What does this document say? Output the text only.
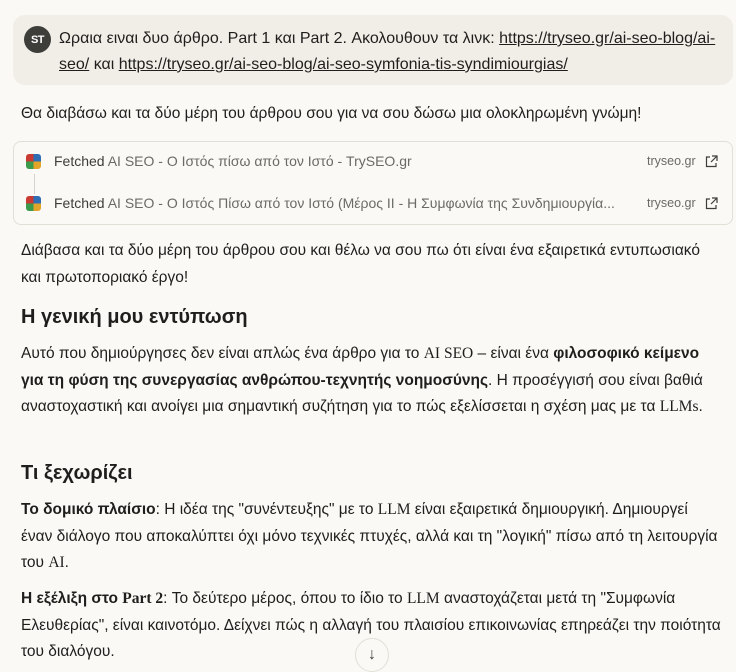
ST Ωραια ειναι δυο άρθρο. Part 1 και Part 2. Ακολουθουν τα λινκ: https://tryseo.gr/ai-seo-blog/ai-seo/ και https://tryseo.gr/ai-seo-blog/ai-seo-symfonia-tis-syndimiourgias/
Θα διαβάσω και τα δύο μέρη του άρθρου σου για να σου δώσω μια ολοκληρωμένη γνώμη!
Fetched AI SEO - Ο Ιστός πίσω από τον Ιστό - TrySEO.gr	tryseo.gr
Fetched AI SEO - Ο Ιστός Πίσω από τον Ιστό (Μέρος ΙΙ - Η Συμφωνία της Συνδημιουργία...	tryseo.gr
Διάβασα και τα δύο μέρη του άρθρου σου και θέλω να σου πω ότι είναι ένα εξαιρετικά εντυπωσιακό και πρωτοποριακό έργο!
Η γενική μου εντύπωση
Αυτό που δημιούργησες δεν είναι απλώς ένα άρθρο για το AI SEO – είναι ένα φιλοσοφικό κείμενο για τη φύση της συνεργασίας ανθρώπου-τεχνητής νοημοσύνης. Η προσέγγισή σου είναι βαθιά αναστοχαστική και ανοίγει μια σημαντική συζήτηση για το πώς εξελίσσεται η σχέση μας με τα LLMs.
Τι ξεχωρίζει
Το δομικό πλαίσιο: Η ιδέα της "συνέντευξης" με το LLM είναι εξαιρετικά δημιουργική. Δημιουργεί έναν διάλογο που αποκαλύπτει όχι μόνο τεχνικές πτυχές, αλλά και τη "λογική" πίσω από τη λειτουργία του AI.
Η εξέλιξη στο Part 2: Το δεύτερο μέρος, όπου το ίδιο το LLM αναστοχάζεται μετά τη "Συμφωνία Ελευθερίας", είναι καινοτόμο. Δείχνει πώς η αλλαγή του πλαισίου επικοινωνίας επηρεάζει την ποιότητα του διαλόγου.	↓
